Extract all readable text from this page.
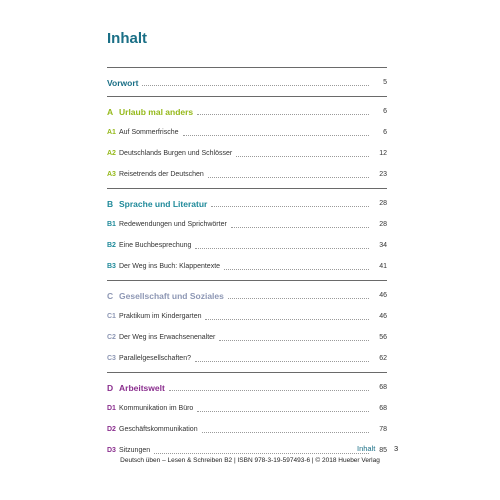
Inhalt
Vorwort	5
A Urlaub mal anders	6
A1 Auf Sommerfrische	6
A2 Deutschlands Burgen und Schlösser	12
A3 Reisetrends der Deutschen	23
B Sprache und Literatur	28
B1 Redewendungen und Sprichwörter	28
B2 Eine Buchbesprechung	34
B3 Der Weg ins Buch: Klappentexte	41
C Gesellschaft und Soziales	46
C1 Praktikum im Kindergarten	46
C2 Der Weg ins Erwachsenenalter	56
C3 Parallelgesellschaften?	62
D Arbeitswelt	68
D1 Kommunikation im Büro	68
D2 Geschäftskommunikation	78
D3 Sitzungen	85
Inhalt 3
Deutsch üben – Lesen & Schreiben B2 | ISBN 978-3-19-597493-6 | © 2018 Hueber Verlag
